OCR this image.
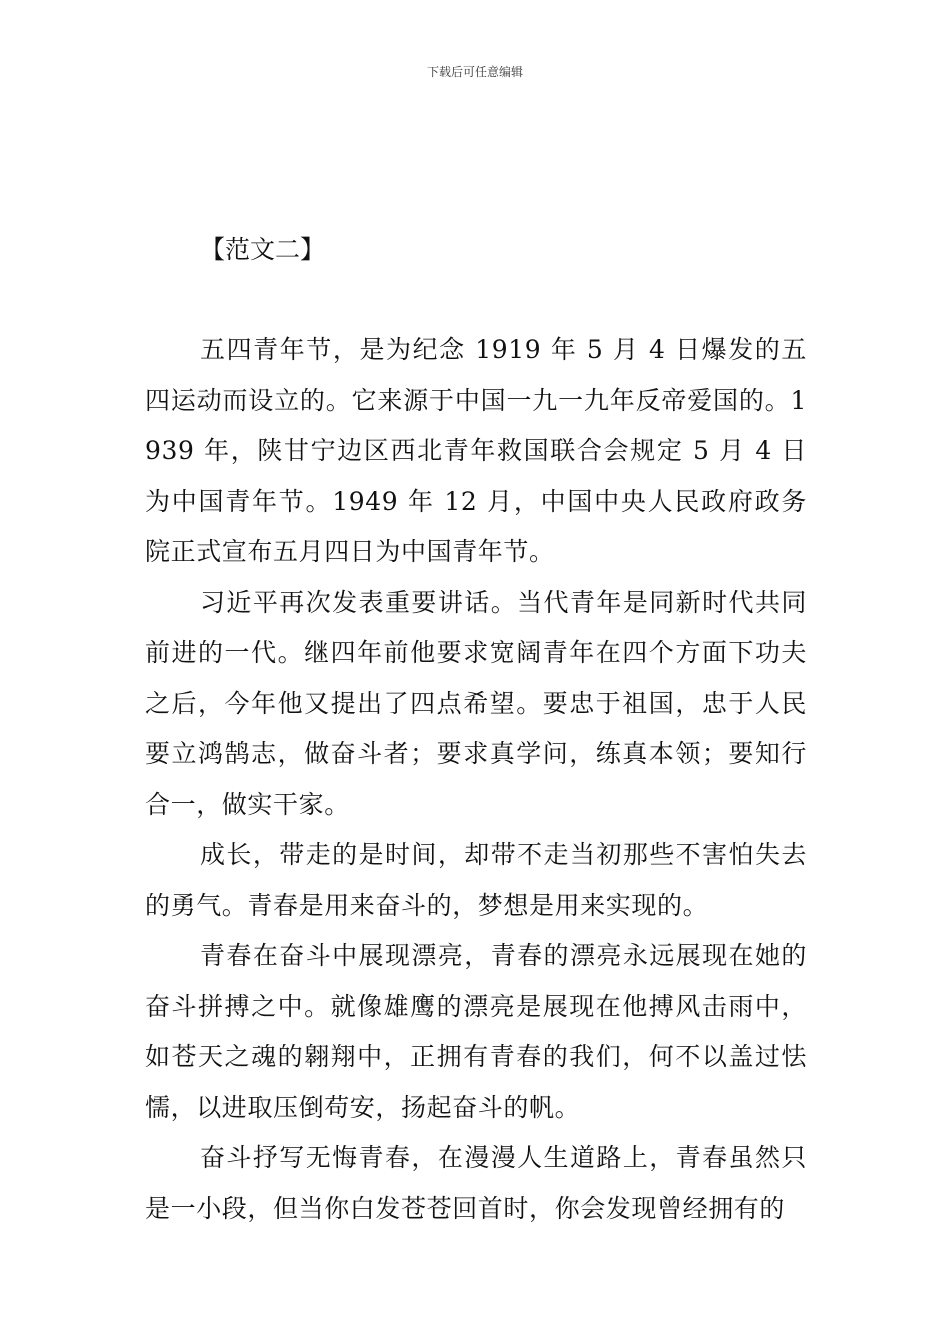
下载后可任意编辑
【范文二】

五四青年节，是为纪念 1919 年 5 月 4 日爆发的五四运动而设立的。它来源于中国一九一九年反帝爱国的。1939 年，陕甘宁边区西北青年救国联合会规定 5 月 4 日为中国青年节。1949 年 12 月，中国中央人民政府政务院正式宣布五月四日为中国青年节。

习近平再次发表重要讲话。当代青年是同新时代共同前进的一代。继四年前他要求宽阔青年在四个方面下功夫之后，今年他又提出了四点希望。要忠于祖国，忠于人民要立鸿鹄志，做奋斗者；要求真学问，练真本领；要知行合一，做实干家。

成长，带走的是时间，却带不走当初那些不害怕失去的勇气。青春是用来奋斗的，梦想是用来实现的。

青春在奋斗中展现漂亮，青春的漂亮永远展现在她的奋斗拼搏之中。就像雄鹰的漂亮是展现在他搏风击雨中，如苍天之魂的翱翔中，正拥有青春的我们，何不以盖过怯懦，以进取压倒苟安，扬起奋斗的帆。

奋斗抒写无悔青春，在漫漫人生道路上，青春虽然只是一小段，但当你白发苍苍回首时，你会发现曾经拥有的
